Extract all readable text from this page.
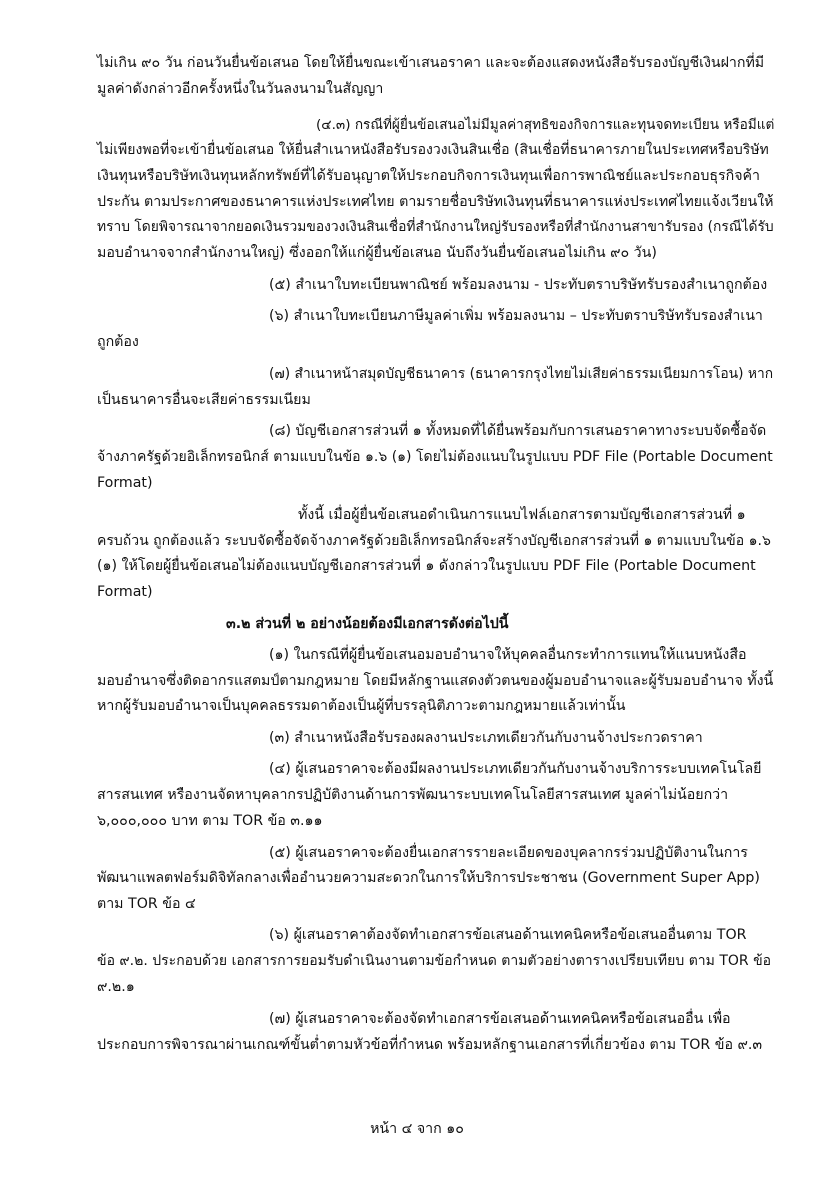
ไม่เกิน ๙๐ วัน ก่อนวันยื่นข้อเสนอ โดยให้ยื่นขณะเข้าเสนอราคา และจะต้องแสดงหนังสือรับรองบัญชีเงินฝากที่มี
มูลค่าดังกล่าวอีกครั้งหนึ่งในวันลงนามในสัญญา
(๔.๓) กรณีที่ผู้ยื่นข้อเสนอไม่มีมูลค่าสุทธิของกิจการและทุนจดทะเบียน หรือมีแต่
ไม่เพียงพอที่จะเข้ายื่นข้อเสนอ ให้ยื่นสำเนาหนังสือรับรองวงเงินสินเชื่อ (สินเชื่อที่ธนาคารภายในประเทศหรือบริษัท
เงินทุนหรือบริษัทเงินทุนหลักทรัพย์ที่ได้รับอนุญาตให้ประกอบกิจการเงินทุนเพื่อการพาณิชย์และประกอบธุรกิจค้า
ประกัน ตามประกาศของธนาคารแห่งประเทศไทย ตามรายชื่อบริษัทเงินทุนที่ธนาคารแห่งประเทศไทยแจ้งเวียนให้
ทราบ โดยพิจารณาจากยอดเงินรวมของวงเงินสินเชื่อที่สำนักงานใหญ่รับรองหรือที่สำนักงานสาขารับรอง (กรณีได้รับ
มอบอำนาจจากสำนักงานใหญ่) ซึ่งออกให้แก่ผู้ยื่นข้อเสนอ นับถึงวันยื่นข้อเสนอไม่เกิน ๙๐ วัน)
(๕) สำเนาใบทะเบียนพาณิชย์ พร้อมลงนาม - ประทับตราบริษัทรับรองสำเนาถูกต้อง
(๖) สำเนาใบทะเบียนภาษีมูลค่าเพิ่ม พร้อมลงนาม – ประทับตราบริษัทรับรองสำเนา
ถูกต้อง
(๗) สำเนาหน้าสมุดบัญชีธนาคาร (ธนาคารกรุงไทยไม่เสียค่าธรรมเนียมการโอน) หาก
เป็นธนาคารอื่นจะเสียค่าธรรมเนียม
(๘) บัญชีเอกสารส่วนที่ ๑ ทั้งหมดที่ได้ยื่นพร้อมกับการเสนอราคาทางระบบจัดซื้อจัด
จ้างภาครัฐด้วยอิเล็กทรอนิกส์ ตามแบบในข้อ ๑.๖ (๑) โดยไม่ต้องแนบในรูปแบบ PDF File (Portable Document
Format)
ทั้งนี้ เมื่อผู้ยื่นข้อเสนอดำเนินการแนบไฟล์เอกสารตามบัญชีเอกสารส่วนที่ ๑
ครบถ้วน ถูกต้องแล้ว ระบบจัดซื้อจัดจ้างภาครัฐด้วยอิเล็กทรอนิกส์จะสร้างบัญชีเอกสารส่วนที่ ๑ ตามแบบในข้อ ๑.๖
(๑) ให้โดยผู้ยื่นข้อเสนอไม่ต้องแนบบัญชีเอกสารส่วนที่ ๑ ดังกล่าวในรูปแบบ PDF File (Portable Document
Format)
๓.๒ ส่วนที่ ๒ อย่างน้อยต้องมีเอกสารดังต่อไปนี้
(๑) ในกรณีที่ผู้ยื่นข้อเสนอมอบอำนาจให้บุคคลอื่นกระทำการแทนให้แนบหนังสือ
มอบอำนาจซึ่งติดอากรแสตมป์ตามกฎหมาย โดยมีหลักฐานแสดงตัวตนของผู้มอบอำนาจและผู้รับมอบอำนาจ ทั้งนี้
หากผู้รับมอบอำนาจเป็นบุคคลธรรมดาต้องเป็นผู้ที่บรรลุนิติภาวะตามกฎหมายแล้วเท่านั้น
(๓) สำเนาหนังสือรับรองผลงานประเภทเดียวกันกับงานจ้างประกวดราคา
(๔) ผู้เสนอราคาจะต้องมีผลงานประเภทเดียวกันกับงานจ้างบริการระบบเทคโนโลยี
สารสนเทศ หรืองานจัดหาบุคลากรปฏิบัติงานด้านการพัฒนาระบบเทคโนโลยีสารสนเทศ มูลค่าไม่น้อยกว่า
๖,๐๐๐,๐๐๐ บาท ตาม TOR ข้อ ๓.๑๑
(๕) ผู้เสนอราคาจะต้องยื่นเอกสารรายละเอียดของบุคลากรร่วมปฏิบัติงานในการ
พัฒนาแพลตฟอร์มดิจิทัลกลางเพื่ออำนวยความสะดวกในการให้บริการประชาชน (Government Super App)
ตาม TOR ข้อ ๔
(๖) ผู้เสนอราคาต้องจัดทำเอกสารข้อเสนอด้านเทคนิคหรือข้อเสนออื่นตาม TOR
ข้อ ๙.๒. ประกอบด้วย เอกสารการยอมรับดำเนินงานตามข้อกำหนด ตามตัวอย่างตารางเปรียบเทียบ ตาม TOR ข้อ
๙.๒.๑
(๗) ผู้เสนอราคาจะต้องจัดทำเอกสารข้อเสนอด้านเทคนิคหรือข้อเสนออื่น เพื่อ
ประกอบการพิจารณาผ่านเกณฑ์ขั้นต่ำตามหัวข้อที่กำหนด พร้อมหลักฐานเอกสารที่เกี่ยวข้อง ตาม TOR ข้อ ๙.๓
หน้า ๔ จาก ๑๐
